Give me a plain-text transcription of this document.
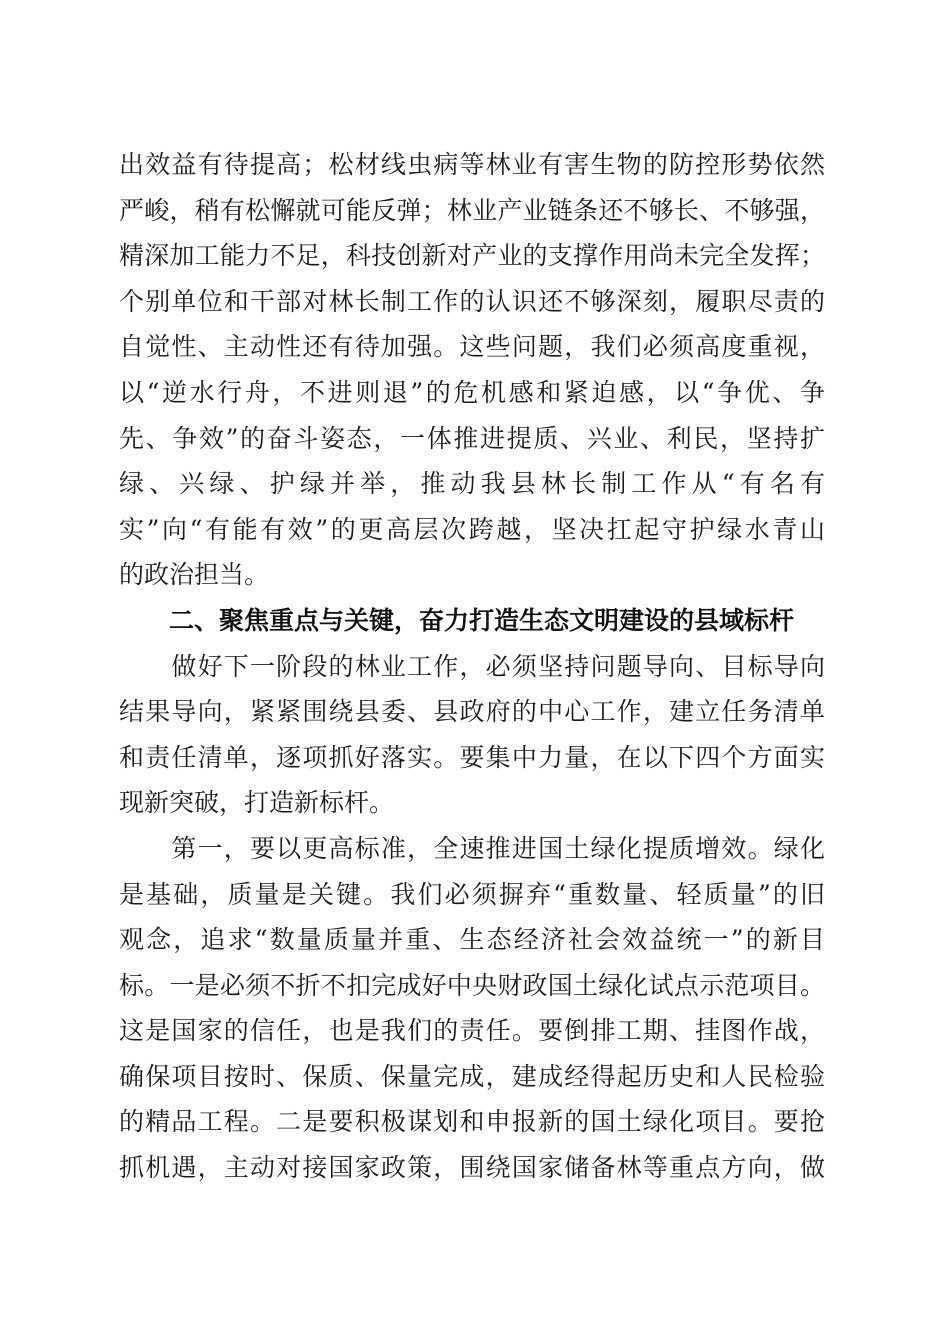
出效益有待提高；松材线虫病等林业有害生物的防控形势依然
严峻，稍有松懈就可能反弹；林业产业链条还不够长、不够强，
精深加工能力不足，科技创新对产业的支撑作用尚未完全发挥；
个别单位和干部对林长制工作的认识还不够深刻，履职尽责的
自觉性、主动性还有待加强。这些问题，我们必须高度重视，
以“逆水行舟，不进则退”的危机感和紧迫感，以“争优、争
先、争效”的奋斗姿态，一体推进提质、兴业、利民，坚持扩
绿、兴绿、护绿并举，推动我县林长制工作从“有名有
实”向“有能有效”的更高层次跨越，坚决扛起守护绿水青山
的政治担当。
　　二、聚焦重点与关键，奋力打造生态文明建设的县域标杆
　　做好下一阶段的林业工作，必须坚持问题导向、目标导向
结果导向，紧紧围绕县委、县政府的中心工作，建立任务清单
和责任清单，逐项抓好落实。要集中力量，在以下四个方面实
现新突破，打造新标杆。
　　第一，要以更高标准，全速推进国土绿化提质增效。绿化
是基础，质量是关键。我们必须摒弃“重数量、轻质量”的旧
观念，追求“数量质量并重、生态经济社会效益统一”的新目
标。一是必须不折不扣完成好中央财政国土绿化试点示范项目。
这是国家的信任，也是我们的责任。要倒排工期、挂图作战，
确保项目按时、保质、保量完成，建成经得起历史和人民检验
的精品工程。二是要积极谋划和申报新的国土绿化项目。要抢
抓机遇，主动对接国家政策，围绕国家储备林等重点方向，做
